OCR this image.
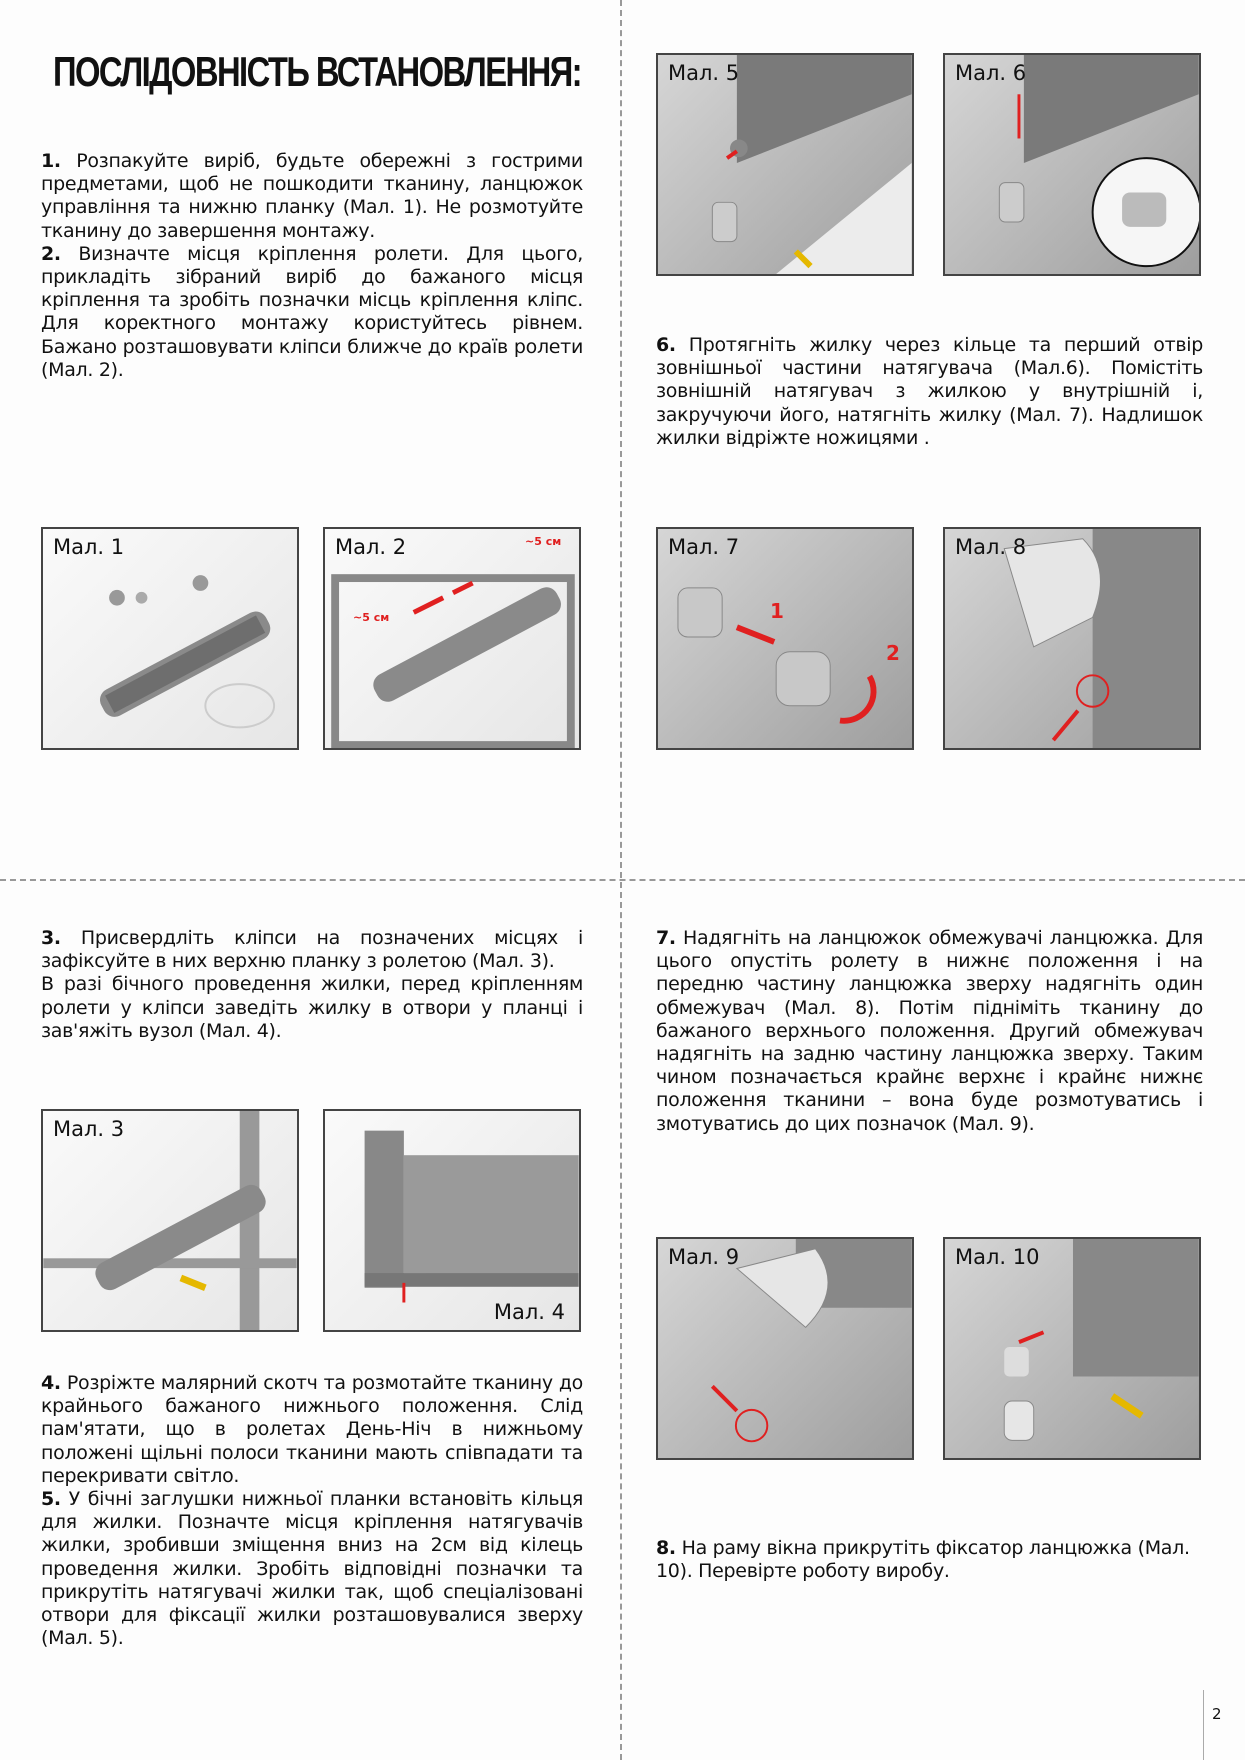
ПОСЛІДОВНІСТЬ ВСТАНОВЛЕННЯ:

1. Розпакуйте виріб, будьте обережні з гострими предметами, щоб не пошкодити тканину, ланцюжок управління та нижню планку (Мал. 1). Не розмотуйте тканину до завершення монтажу.

2. Визначте місця кріплення ролети. Для цього, прикладіть зібраний виріб до бажаного місця кріплення та зробіть позначки місць кріплення кліпс. Для коректного монтажу користуйтесь рівнем. Бажано розташовувати кліпси ближче до країв ролети (Мал. 2).

6. Протягніть жилку через кільце та перший отвір зовнішньої частини натягувача (Мал.6). Помістіть зовнішній натягувач з жилкою у внутрішній і, закручуючи його, натягніть жилку (Мал. 7). Надлишок жилки відріжте ножицями .

3. Присвердліть кліпси на позначених місцях і зафіксуйте в них верхню планку з ролетою (Мал. 3).

В разі бічного проведення жилки, перед кріпленням ролети у кліпси заведіть жилку в отвори у планці і зав'яжіть вузол (Мал. 4).

7. Надягніть на ланцюжок обмежувачі ланцюжка. Для цього опустіть ролету в нижнє положення і на передню частину ланцюжка зверху надягніть один обмежувач (Мал. 8). Потім підніміть тканину до бажаного верхнього положення. Другий обмежувач надягніть на задню частину ланцюжка зверху. Таким чином позначається крайнє верхнє і крайнє нижнє положення тканини – вона буде розмотуватись і змотуватись до цих позначок (Мал. 9).

4. Розріжте малярний скотч та розмотайте тканину до крайнього бажаного нижнього положення. Слід пам'ятати, що в ролетах День-Ніч в нижньому положені щільні полоси тканини мають співпадати та перекривати світло.

5. У бічні заглушки нижньої планки встановіть кільця для жилки. Позначте місця кріплення натягувачів жилки, зробивши зміщення вниз на 2см від кілець проведення жилки. Зробіть відповідні позначки та прикрутіть натягувачі жилки так, щоб спеціалізовані отвори для фіксації жилки розташовувалися зверху (Мал. 5).

8. На раму вікна прикрутіть фіксатор ланцюжка (Мал. 10). Перевірте роботу виробу.

Мал. 1	Мал. 2	~5 см
~5 см
Мал. 5	Мал. 6
Мал. 7
1
2
Мал. 8
Мал. 3
Мал. 4
Мал. 9	Мал. 10
2
